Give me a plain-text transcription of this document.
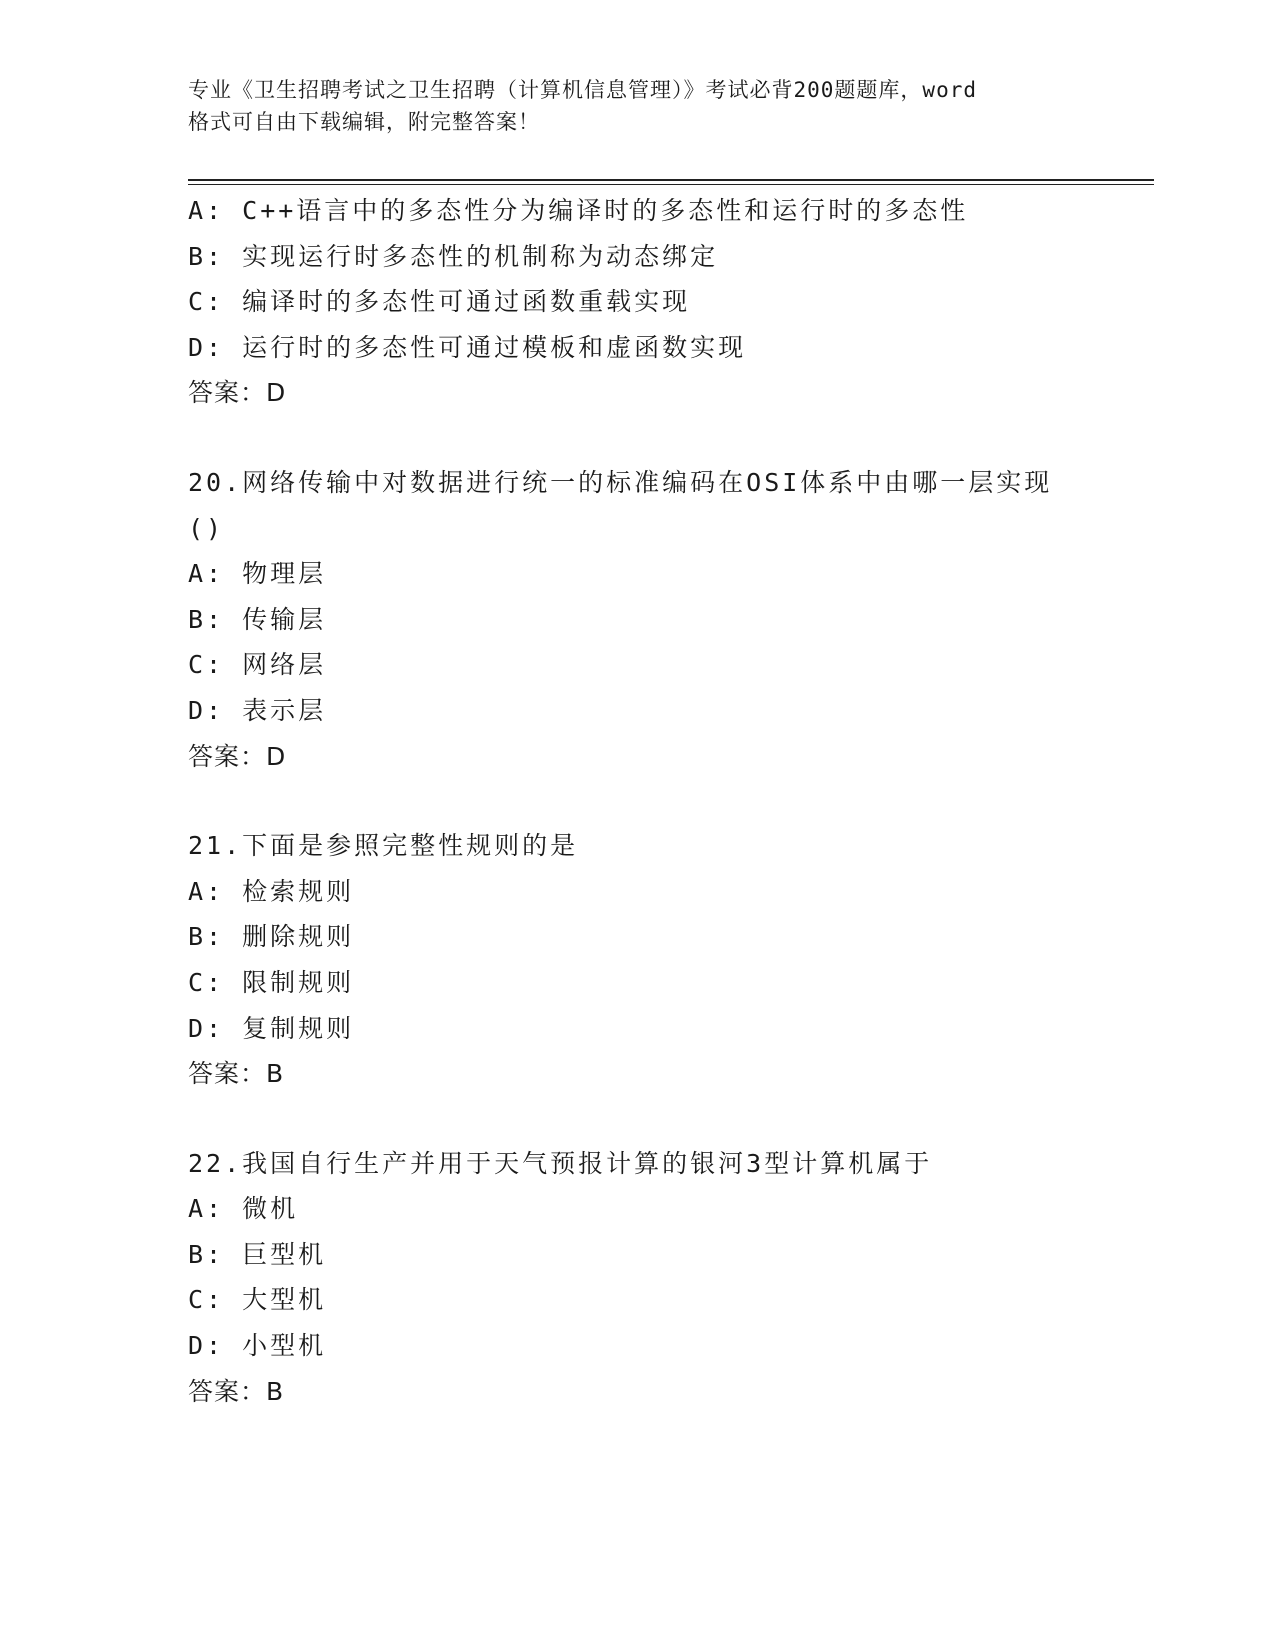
专业《卫生招聘考试之卫生招聘（计算机信息管理）》考试必背200题题库，word
格式可自由下载编辑，附完整答案！
A: C++语言中的多态性分为编译时的多态性和运行时的多态性
B: 实现运行时多态性的机制称为动态绑定
C: 编译时的多态性可通过函数重载实现
D: 运行时的多态性可通过模板和虚函数实现
答案：D
20.网络传输中对数据进行统一的标准编码在OSI体系中由哪一层实现
()
A: 物理层
B: 传输层
C: 网络层
D: 表示层
答案：D
21.下面是参照完整性规则的是
A: 检索规则
B: 删除规则
C: 限制规则
D: 复制规则
答案：B
22.我国自行生产并用于天气预报计算的银河3型计算机属于
A: 微机
B: 巨型机
C: 大型机
D: 小型机
答案：B
